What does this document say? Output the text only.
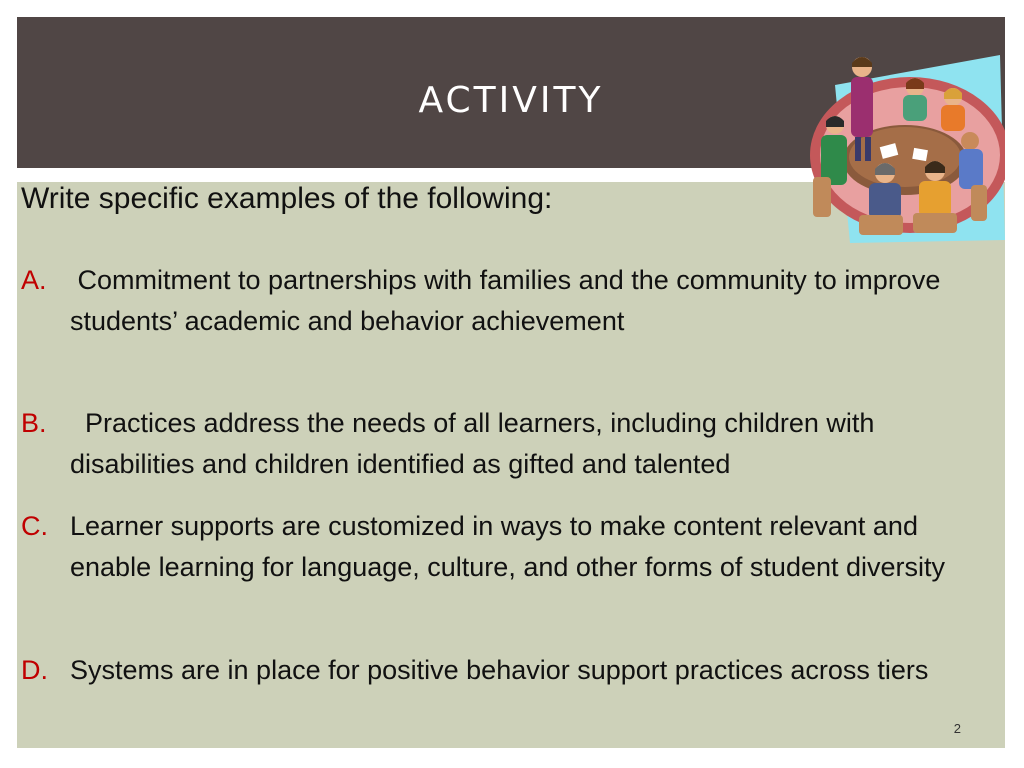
ACTIVITY
Write specific examples of the following:
A. Commitment to partnerships with families and the community to improve students’ academic and behavior achievement
B.	Practices address the needs of all learners, including children with disabilities and children identified as gifted and talented
C. Learner supports are customized in ways to make content relevant and enable learning for language, culture, and other forms of student diversity
D. Systems are in place for positive behavior support practices across tiers
2
